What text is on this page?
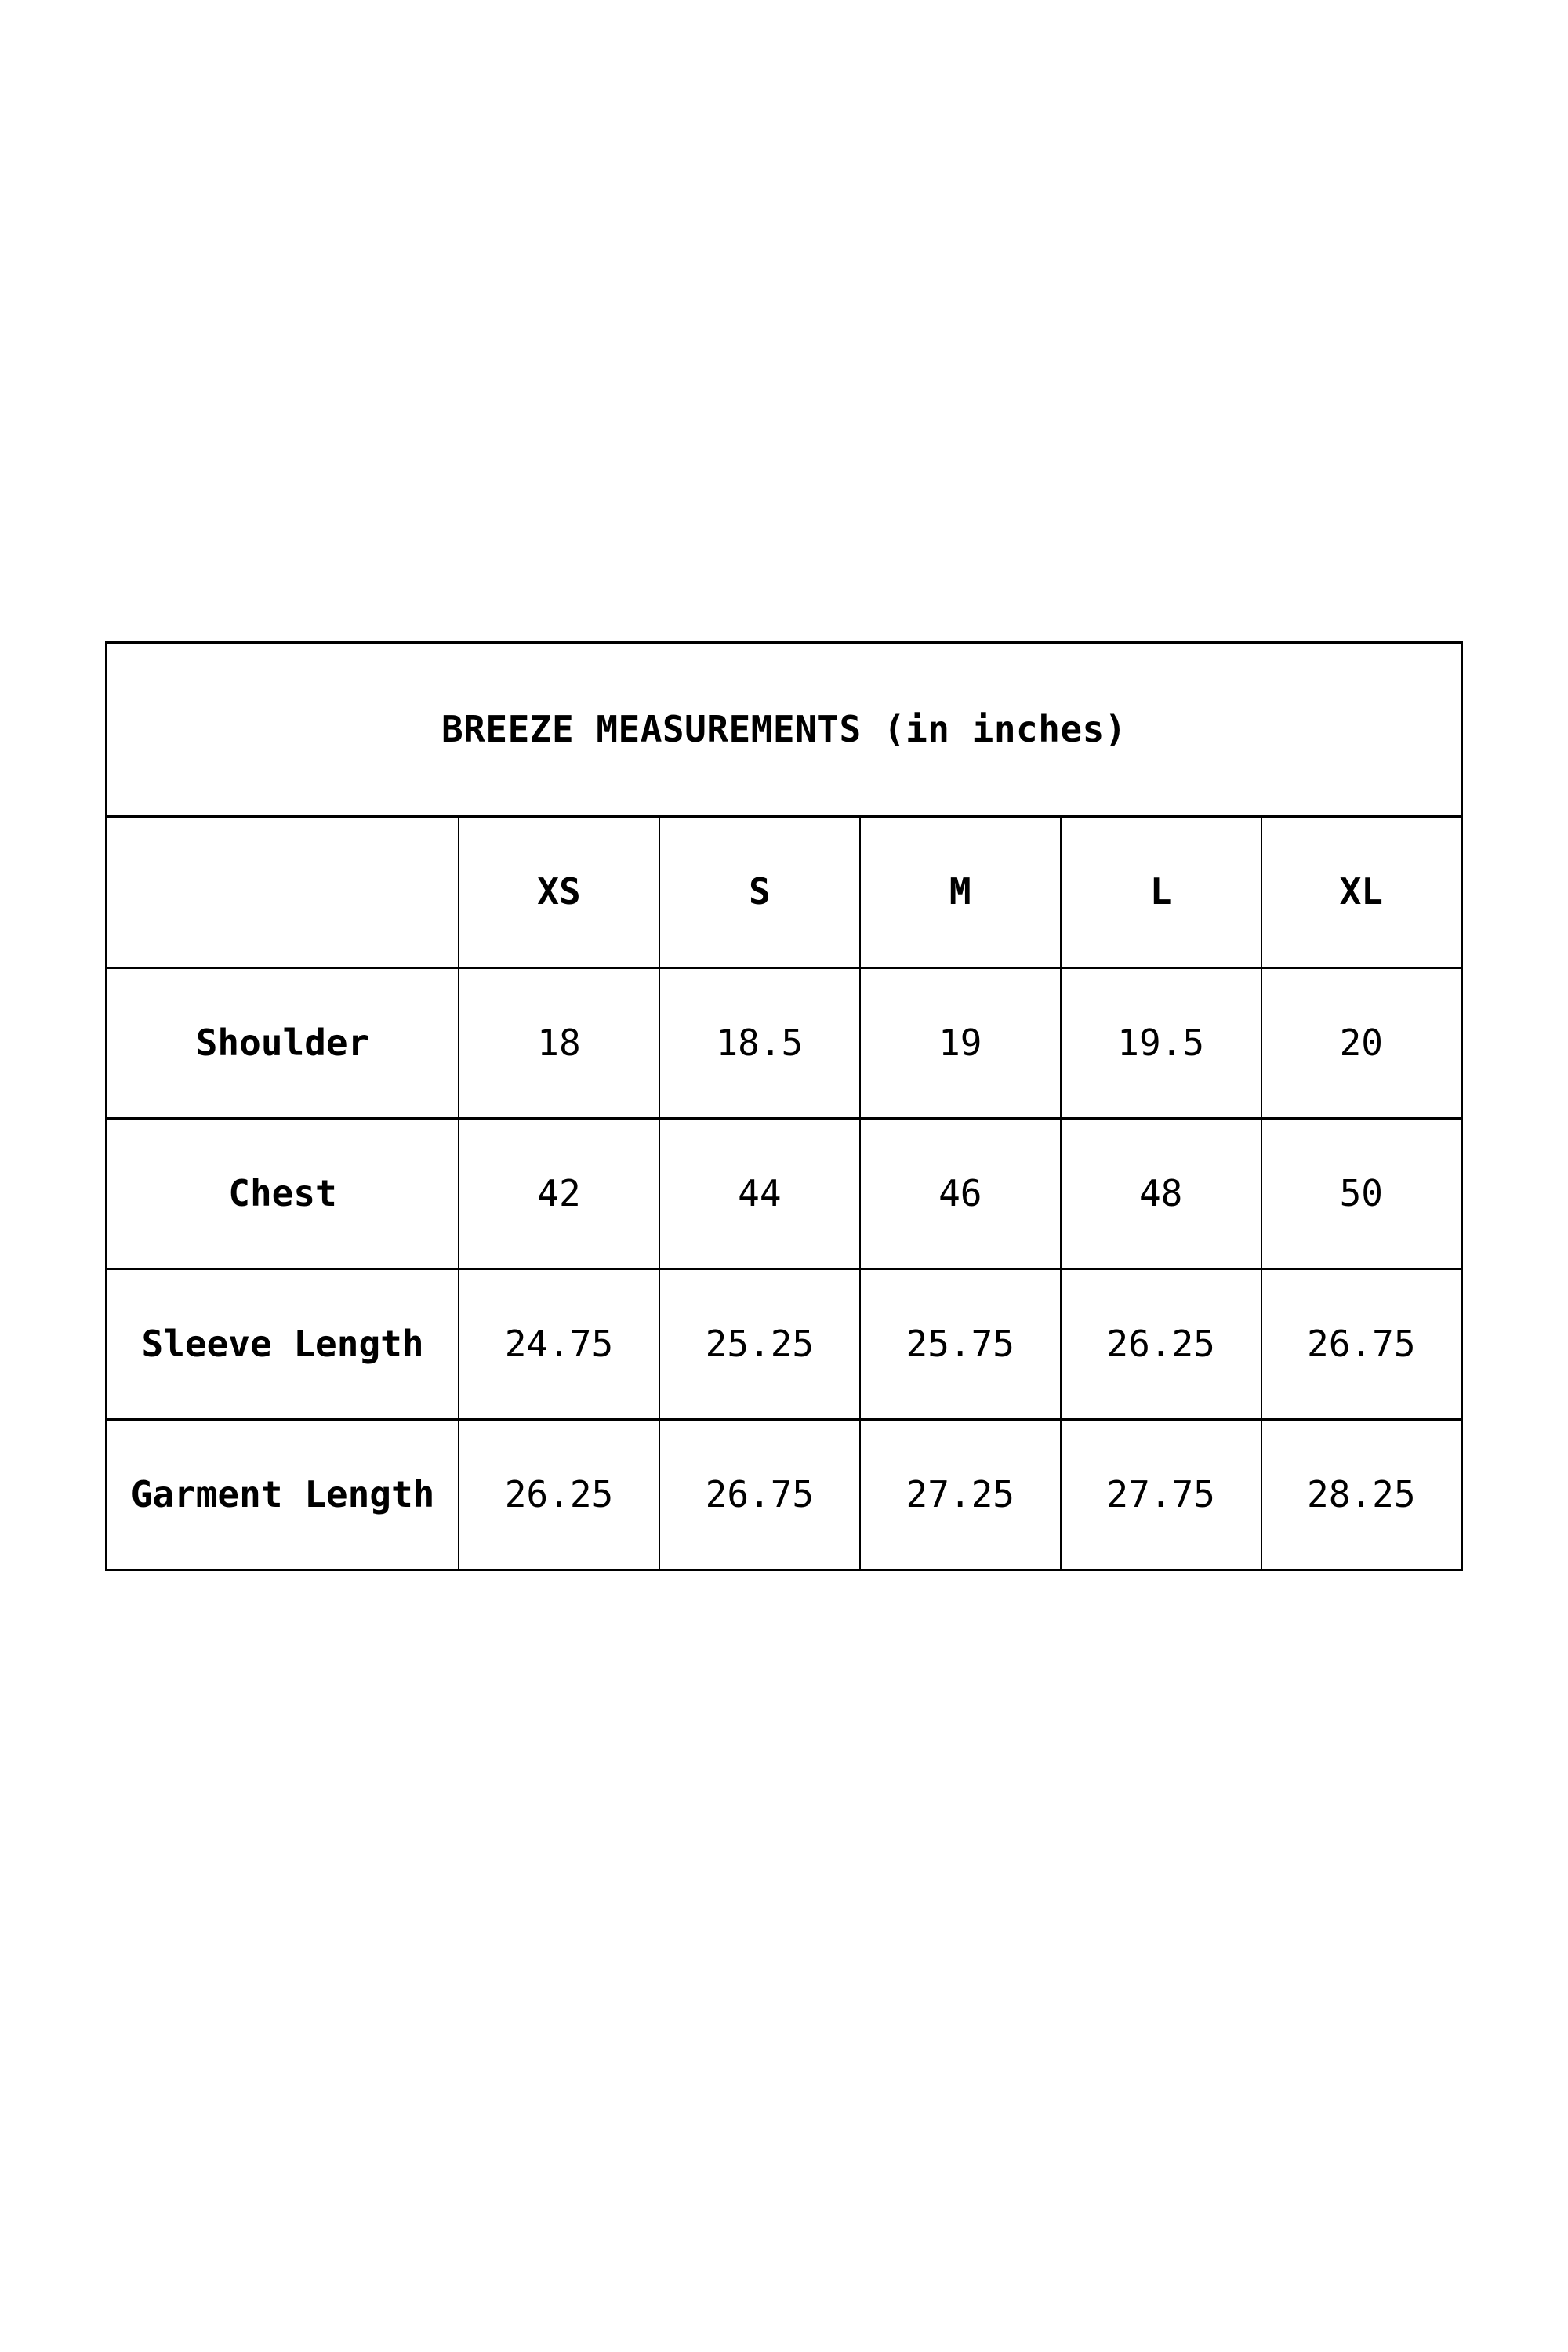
BREEZE MEASUREMENTS (in inches)					
	XS	S	M	L	XL
Shoulder	18	18.5	19	19.5	20
Chest	42	44	46	48	50
Sleeve Length	24.75	25.25	25.75	26.25	26.75
Garment Length	26.25	26.75	27.25	27.75	28.25
